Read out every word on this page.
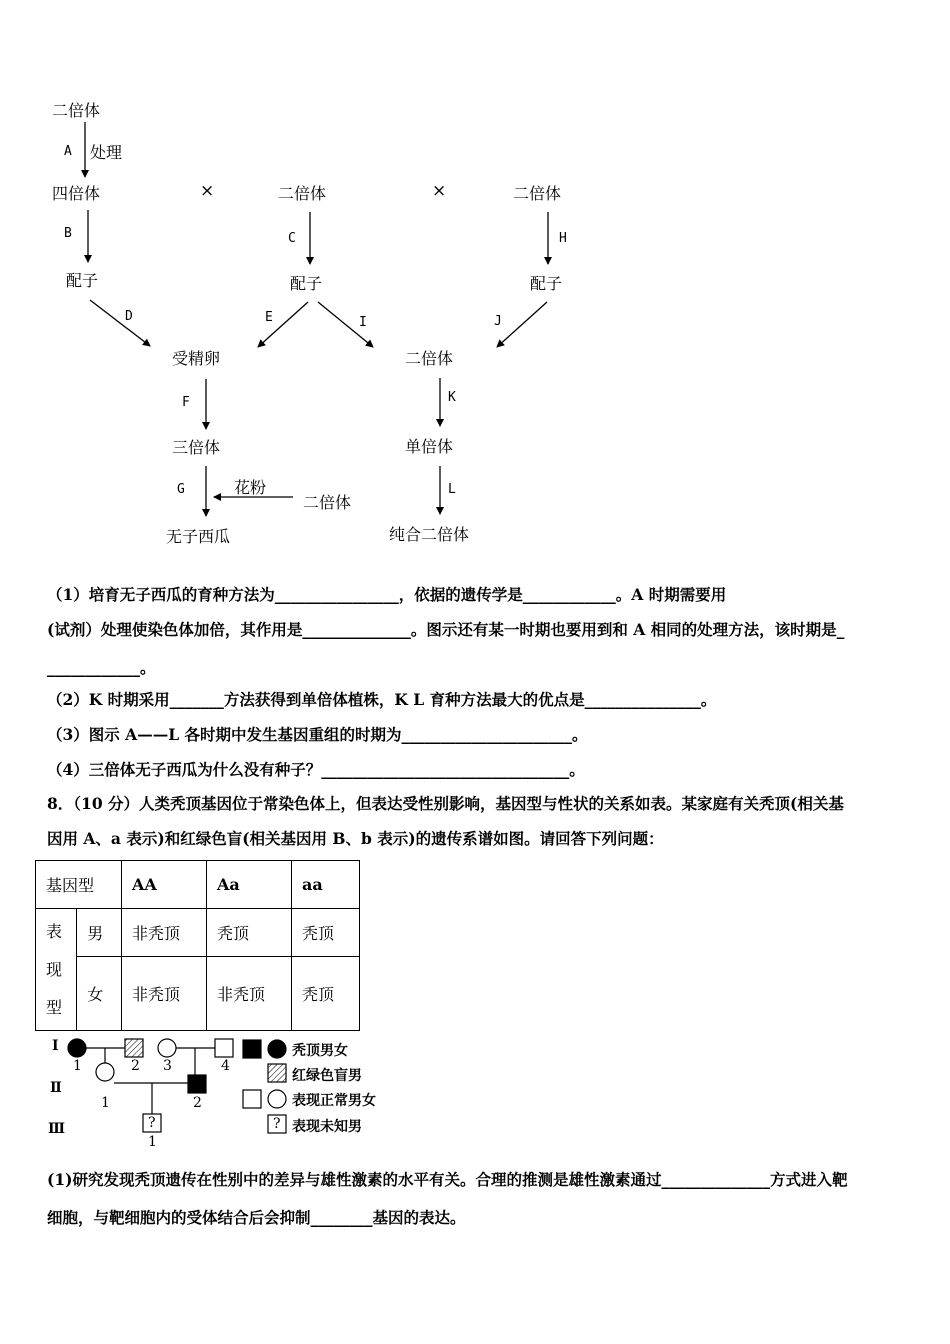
二倍体
A 处理
四倍体	×	二倍体	×	二倍体
B	C	H
配子	配子	配子
D	E	I	J
受精卵	二倍体
F	K
三倍体	单倍体
G	花粉
二倍体
L
无子西瓜	纯合二倍体
（1）培育无子西瓜的育种方法为________________，依据的遗传学是____________。A 时期需要用
(试剂）处理使染色体加倍，其作用是______________。图示还有某一时期也要用到和 A 相同的处理方法，该时期是_
____________。
（2）K 时期采用_______方法获得到单倍体植株，K L 育种方法最大的优点是_______________。
（3）图示 A——L 各时期中发生基因重组的时期为______________________。
（4）三倍体无子西瓜为什么没有种子？________________________________。
8．（10 分）人类秃顶基因位于常染色体上，但表达受性别影响，基因型与性状的关系如表。某家庭有关秃顶(相关基
因用 A、a 表示)和红绿色盲(相关基因用 B、b 表示)的遗传系谱如图。请回答下列问题：
基因型		AA	Aa	aa

表
现
型	男	非秃顶	秃顶	秃顶
	女	非秃顶	非秃顶	秃顶
Ⅰ
Ⅱ
Ⅲ
1	2 3	4
1	2
1
?
秃顶男女
红绿色盲男
表现正常男女
? 表现未知男
(1)研究发现秃顶遗传在性别中的差异与雄性激素的水平有关。合理的推测是雄性激素通过______________方式进入靶
细胞，与靶细胞内的受体结合后会抑制________基因的表达。
